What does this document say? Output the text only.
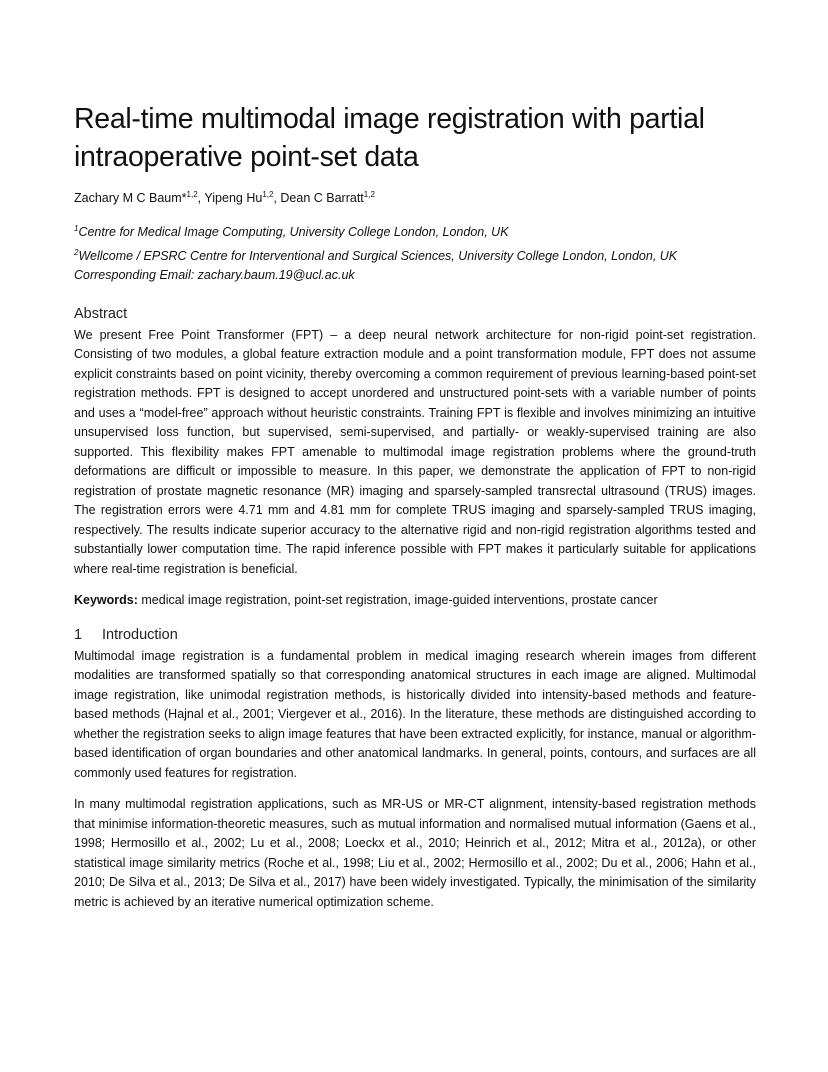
Real-time multimodal image registration with partial intraoperative point-set data
Zachary M C Baum*$^{1,2}$, Yipeng Hu$^{1,2}$, Dean C Barratt$^{1,2}$
$^1$Centre for Medical Image Computing, University College London, London, UK
$^2$Wellcome / EPSRC Centre for Interventional and Surgical Sciences, University College London, London, UK
Corresponding Email: zachary.baum.19@ucl.ac.uk
Abstract

We present Free Point Transformer (FPT) – a deep neural network architecture for non-rigid point-set registration. Consisting of two modules, a global feature extraction module and a point transformation module, FPT does not assume explicit constraints based on point vicinity, thereby overcoming a common requirement of previous learning-based point-set registration methods. FPT is designed to accept unordered and unstructured point-sets with a variable number of points and uses a “model-free” approach without heuristic constraints. Training FPT is flexible and involves minimizing an intuitive unsupervised loss function, but supervised, semi-supervised, and partially- or weakly-supervised training are also supported. This flexibility makes FPT amenable to multimodal image registration problems where the ground-truth deformations are difficult or impossible to measure. In this paper, we demonstrate the application of FPT to non-rigid registration of prostate magnetic resonance (MR) imaging and sparsely-sampled transrectal ultrasound (TRUS) images. The registration errors were 4.71 mm and 4.81 mm for complete TRUS imaging and sparsely-sampled TRUS imaging, respectively. The results indicate superior accuracy to the alternative rigid and non-rigid registration algorithms tested and substantially lower computation time. The rapid inference possible with FPT makes it particularly suitable for applications where real-time registration is beneficial.

Keywords: medical image registration, point-set registration, image-guided interventions, prostate cancer
1 Introduction

Multimodal image registration is a fundamental problem in medical imaging research wherein images from different modalities are transformed spatially so that corresponding anatomical structures in each image are aligned. Multimodal image registration, like unimodal registration methods, is historically divided into intensity-based methods and feature-based methods (Hajnal et al., 2001; Viergever et al., 2016). In the literature, these methods are distinguished according to whether the registration seeks to align image features that have been extracted explicitly, for instance, manual or algorithm-based identification of organ boundaries and other anatomical landmarks. In general, points, contours, and surfaces are all commonly used features for registration.

In many multimodal registration applications, such as MR-US or MR-CT alignment, intensity-based registration methods that minimise information-theoretic measures, such as mutual information and normalised mutual information (Gaens et al., 1998; Hermosillo et al., 2002; Lu et al., 2008; Loeckx et al., 2010; Heinrich et al., 2012; Mitra et al., 2012a), or other statistical image similarity metrics (Roche et al., 1998; Liu et al., 2002; Hermosillo et al., 2002; Du et al., 2006; Hahn et al., 2010; De Silva et al., 2013; De Silva et al., 2017) have been widely investigated. Typically, the minimisation of the similarity metric is achieved by an iterative numerical optimization scheme.
